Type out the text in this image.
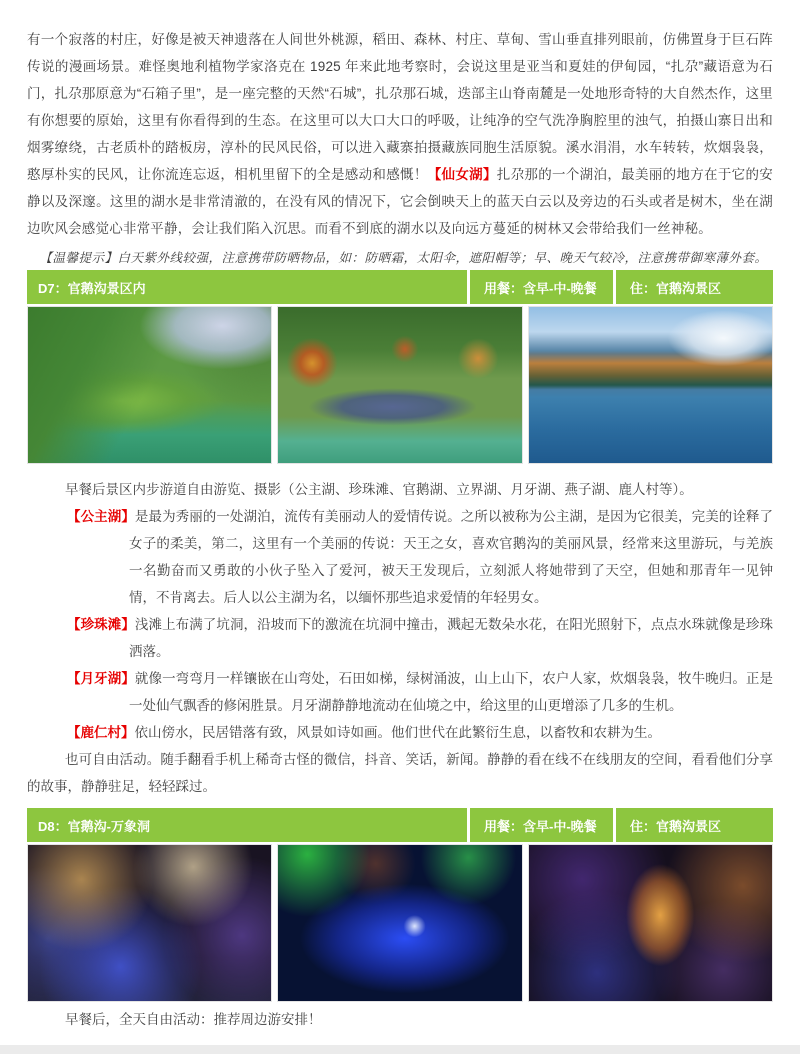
有一个寂落的村庄，好像是被天神遗落在人间世外桃源，稻田、森林、村庄、草甸、雪山垂直排列眼前，仿佛置身于巨石阵传说的漫画场景。难怪奥地利植物学家洛克在 1925 年来此地考察时，会说这里是亚当和夏娃的伊甸园，“扎尕”藏语意为石门，扎尕那原意为“石箱子里”，是一座完整的天然“石城”，扎尕那石城，迭部主山脊南麓是一处地形奇特的大自然杰作，这里有你想要的原始，这里有你看得到的生态。在这里可以大口大口的呼吸，让纯净的空气洗净胸腔里的浊气，拍摄山寨日出和烟雾缭绕，古老质朴的踏板房，淳朴的民风民俗，可以进入藏寨拍摄藏族同胞生活原貌。溪水涓涓，水车转转，炊烟袅袅，憨厚朴实的民风，让你流连忘返，相机里留下的全是感动和感慨！【仙女湖】扎尕那的一个湖泊，最美丽的地方在于它的安静以及深邃。这里的湖水是非常清澈的，在没有风的情况下，它会倒映天上的蓝天白云以及旁边的石头或者是树木，坐在湖边吹风会感觉心非常平静，会让我们陷入沉思。而看不到底的湖水以及向远方蔓延的树林又会带给我们一丝神秘。

【温馨提示】白天紫外线较强，注意携带防晒物品，如：防晒霜，太阳伞，遮阳帽等；早、晚天气较冷，注意携带御寒薄外套。

D7：官鹅沟景区内	用餐：含早-中-晚餐	住：官鹅沟景区

早餐后景区内步游道自由游览、摄影（公主湖、珍珠滩、官鹅湖、立界湖、月牙湖、燕子湖、鹿人村等）。

【公主湖】是最为秀丽的一处湖泊，流传有美丽动人的爱情传说。之所以被称为公主湖，是因为它很美，完美的诠释了女子的柔美，第二，这里有一个美丽的传说：天王之女，喜欢官鹅沟的美丽风景，经常来这里游玩，与羌族一名勤奋而又勇敢的小伙子坠入了爱河，被天王发现后，立刻派人将她带到了天空，但她和那青年一见钟情，不肯离去。后人以公主湖为名，以缅怀那些追求爱情的年轻男女。

【珍珠滩】浅滩上布满了坑洞，沿坡而下的激流在坑洞中撞击，溅起无数朵水花，在阳光照射下，点点水珠就像是珍珠洒落。

【月牙湖】就像一弯弯月一样镶嵌在山弯处，石田如梯，绿树涌波，山上山下，农户人家，炊烟袅袅，牧牛晚归。正是一处仙气飘香的修闲胜景。月牙湖静静地流动在仙境之中，给这里的山更增添了几多的生机。

【鹿仁村】依山傍水，民居错落有致，风景如诗如画。他们世代在此繁衍生息，以畜牧和农耕为生。

也可自由活动。随手翻看手机上稀奇古怪的微信，抖音、笑话，新闻。静静的看在线不在线朋友的空间，看看他们分享的故事，静静驻足，轻轻踩过。

D8：官鹅沟-万象洞	用餐：含早-中-晚餐	住：官鹅沟景区

早餐后，全天自由活动：推荐周边游安排！
